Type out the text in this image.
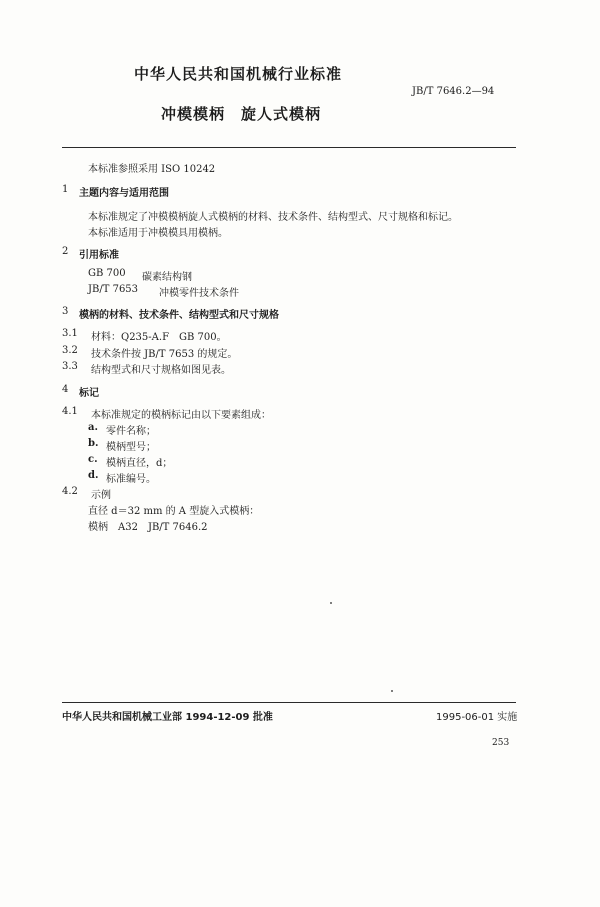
中华人民共和国机械行业标准
JB/T 7646.2—94
冲模模柄　旋人式模柄
本标准参照采用 ISO 10242
1 主题内容与适用范围
本标准规定了冲模模柄旋人式模柄的材料、技术条件、结构型式、尺寸规格和标记。
本标准适用于冲模模具用模柄。
2 引用标准
GB 700 碳素结构钢
JB/T 7653 冲模零件技术条件
3 模柄的材料、技术条件、结构型式和尺寸规格
3.1 材料：Q235-A.F　GB 700。
3.2 技术条件按 JB/T 7653 的规定。
3.3 结构型式和尺寸规格如图见表。
4 标记
4.1 本标准规定的模柄标记由以下要素组成：
a. 零件名称；
b. 模柄型号；
c. 模柄直径，d；
d. 标准编号。
4.2 示例
直径 d＝32 mm 的 A 型旋入式模柄：
模柄　A32　JB/T 7646.2
中华人民共和国机械工业部 1994-12-09 批准	1995-06-01 实施
253
